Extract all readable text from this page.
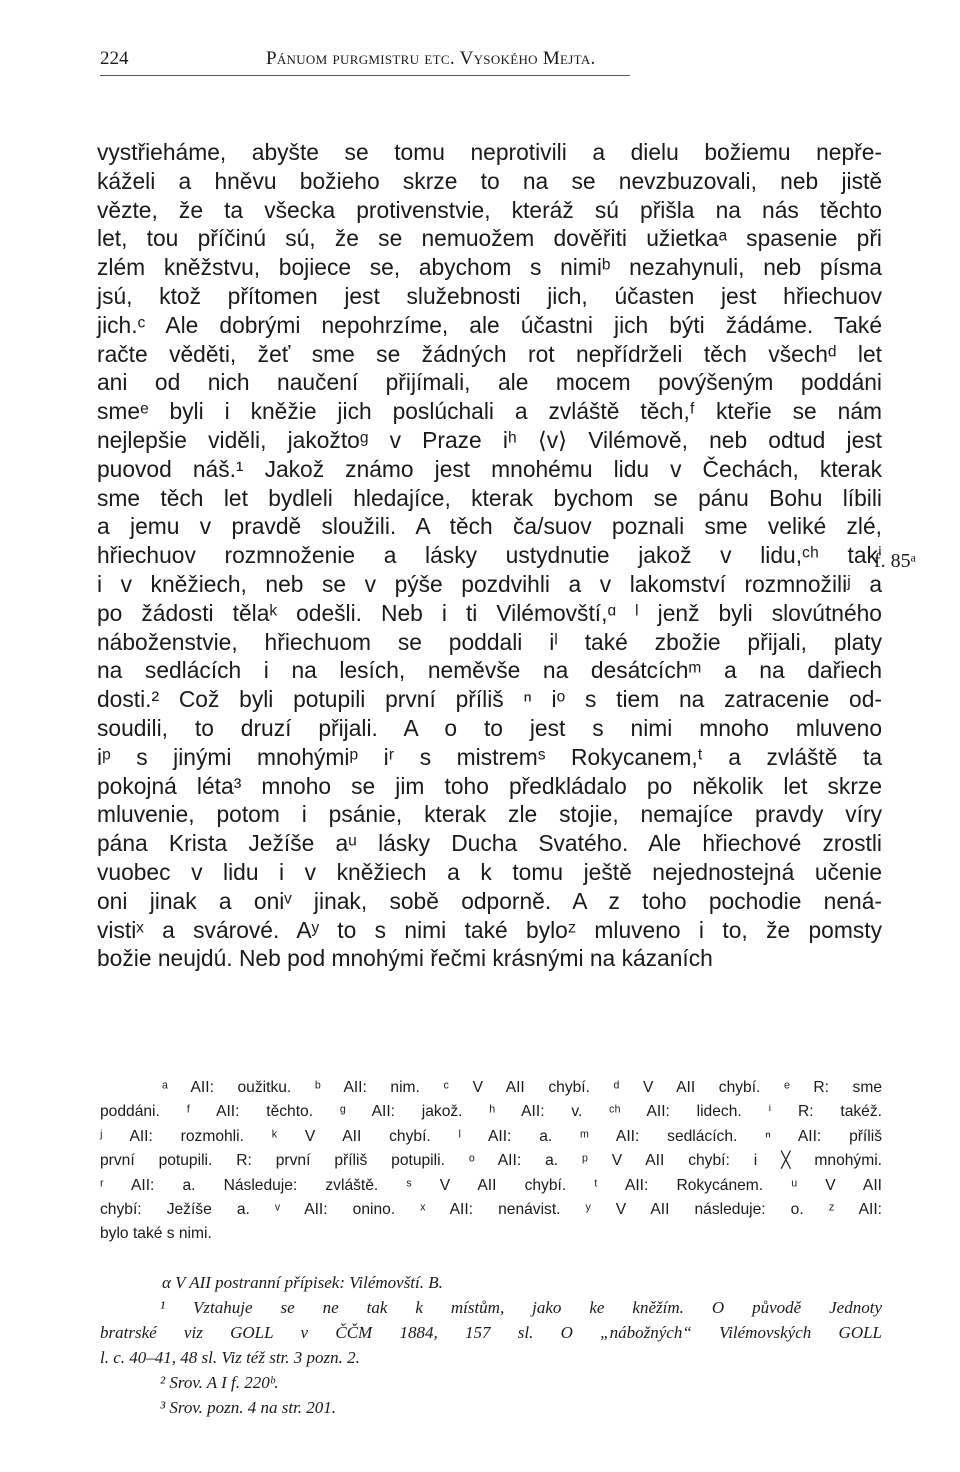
224	Pánuom purgmistru etc. Vysokého Mejta.
vystřieháme, abyšte se tomu neprotivili a dielu božiemu nepře-
káželi a hněvu božieho skrze to na se nevzbuzovali, neb jistě
vězte, že ta všecka protivenstvie, kteráž sú přišla na nás těchto
let, tou příčinú sú, že se nemuožem dověřiti užietkaᵃ spasenie při
zlém kněžstvu, bojiece se, abychom s nimiᵇ nezahynuli, neb písma
jsú, ktož přítomen jest služebnosti jich, účasten jest hřiechuov
jich.ᶜ Ale dobrými nepohrzíme, ale účastni jich býti žádáme. Také
račte věděti, žeť sme se žádných rot nepřídrželi těch všechᵈ let
ani od nich naučení přijímali, ale mocem povýšeným poddáni
smeᵉ byli i kněžie jich poslúchali a zvláště těch,ᶠ kteřie se nám
nejlepšie viděli, jakožtoᵍ v Praze iʰ ⟨v⟩ Vilémově, neb odtud jest
puovod náš.¹ Jakož známo jest mnohému lidu v Čechách, kterak
sme těch let bydleli hledajíce, kterak bychom se pánu Bohu líbili
a jemu v pravdě sloužili. A těch ča/suov poznali sme veliké zlé,
hřiechuov rozmnoženie a lásky ustydnutie jakož v lidu,ᶜʰ takⁱ
i v kněžiech, neb se v pýše pozdvihli a v lakomství rozmnožiliʲ a
po žádosti tělaᵏ odešli. Neb i ti Vilémovští,ᵅ ˡ jenž byli slovútného
náboženstvie, hřiechuom se poddali iˡ také zbožie přijali, platy
na sedlácích i na lesích, neměvše na desátcíchᵐ a na dařiech
dosti.² Což byli potupili první příliš ⁿ iᵒ s tiem na zatracenie od-
soudili, to druzí přijali. A o to jest s nimi mnoho mluveno
iᵖ s jinými mnohýmiᵖ iʳ s mistremˢ Rokycanem,ᵗ a zvláště ta
pokojná léta³ mnoho se jim toho předkládalo po několik let skrze
mluvenie, potom i psánie, kterak zle stojie, nemajíce pravdy víry
pána Krista Ježíše aᵘ lásky Ducha Svatého. Ale hřiechové zrostli
vuobec v lidu i v kněžiech a k tomu ještě nejednostejná učenie
oni jinak a oniᵛ jinak, sobě odporně. A z toho pochodie nená-
vistiˣ a svárové. Aʸ to s nimi také byloᶻ mluveno i to, že pomsty
božie neujdú. Neb pod mnohými řečmi krásnými na kázaních
f. 85ᵃ
ᵃ AII: oužitku. ᵇ AII: nim. ᶜ V AII chybí. ᵈ V AII chybí. ᵉ R: sme
poddáni. ᶠ AII: těchto. ᵍ AII: jakož. ʰ AII: v. ᶜʰ AII: lidech. ⁱ R: takéž.
ʲ AII: rozmohli. ᵏ V AII chybí. ˡ AII: a. ᵐ AII: sedlácích. ⁿ AII: příliš
první potupili. R: první příliš potupili. ᵒ AII: a. ᵖ V AII chybí: i ╳ mnohými.
ʳ AII: a. Následuje: zvláště. ˢ V AII chybí. ᵗ AII: Rokycánem. ᵘ V AII
chybí: Ježíše a. ᵛ AII: onino. ˣ AII: nenávist. ʸ V AII následuje: o. ᶻ AII:
bylo také s nimi.
α V AII postranní přípisek: Vilémovští. B.
¹ Vztahuje se ne tak k místům, jako ke kněžím. O původě Jednoty
bratrské viz GOLL v ČČM 1884, 157 sl. O „nábožných“ Vilémovských GOLL
l. c. 40–41, 48 sl. Viz též str. 3 pozn. 2.
² Srov. A I f. 220ᵇ.
³ Srov. pozn. 4 na str. 201.
